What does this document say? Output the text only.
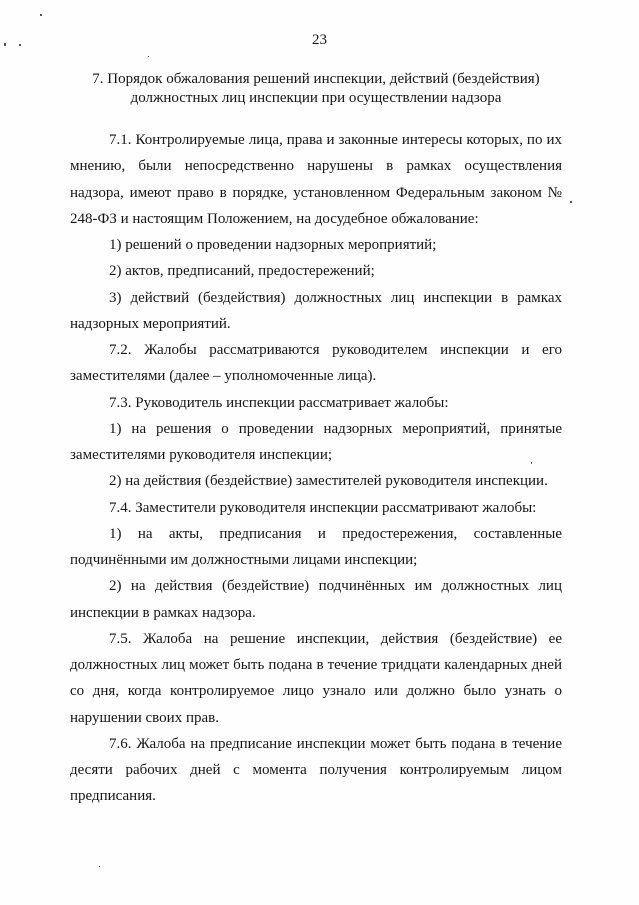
23
7. Порядок обжалования решений инспекции, действий (бездействия)
должностных лиц инспекции при осуществлении надзора

7.1. Контролируемые лица, права и законные интересы которых, по их мнению, были непосредственно нарушены в рамках осуществления надзора, имеют право в порядке, установленном Федеральным законом № 248-ФЗ и настоящим Положением, на досудебное обжалование:

1) решений о проведении надзорных мероприятий;

2) актов, предписаний, предостережений;

3) действий (бездействия) должностных лиц инспекции в рамках надзорных мероприятий.

7.2. Жалобы рассматриваются руководителем инспекции и его заместителями (далее – уполномоченные лица).

7.3. Руководитель инспекции рассматривает жалобы:

1) на решения о проведении надзорных мероприятий, принятые заместителями руководителя инспекции;

2) на действия (бездействие) заместителей руководителя инспекции.

7.4. Заместители руководителя инспекции рассматривают жалобы:

1) на акты, предписания и предостережения, составленные подчинёнными им должностными лицами инспекции;

2) на действия (бездействие) подчинённых им должностных лиц инспекции в рамках надзора.

7.5. Жалоба на решение инспекции, действия (бездействие) ее должностных лиц может быть подана в течение тридцати календарных дней со дня, когда контролируемое лицо узнало или должно было узнать о нарушении своих прав.

7.6. Жалоба на предписание инспекции может быть подана в течение десяти рабочих дней с момента получения контролируемым лицом предписания.
